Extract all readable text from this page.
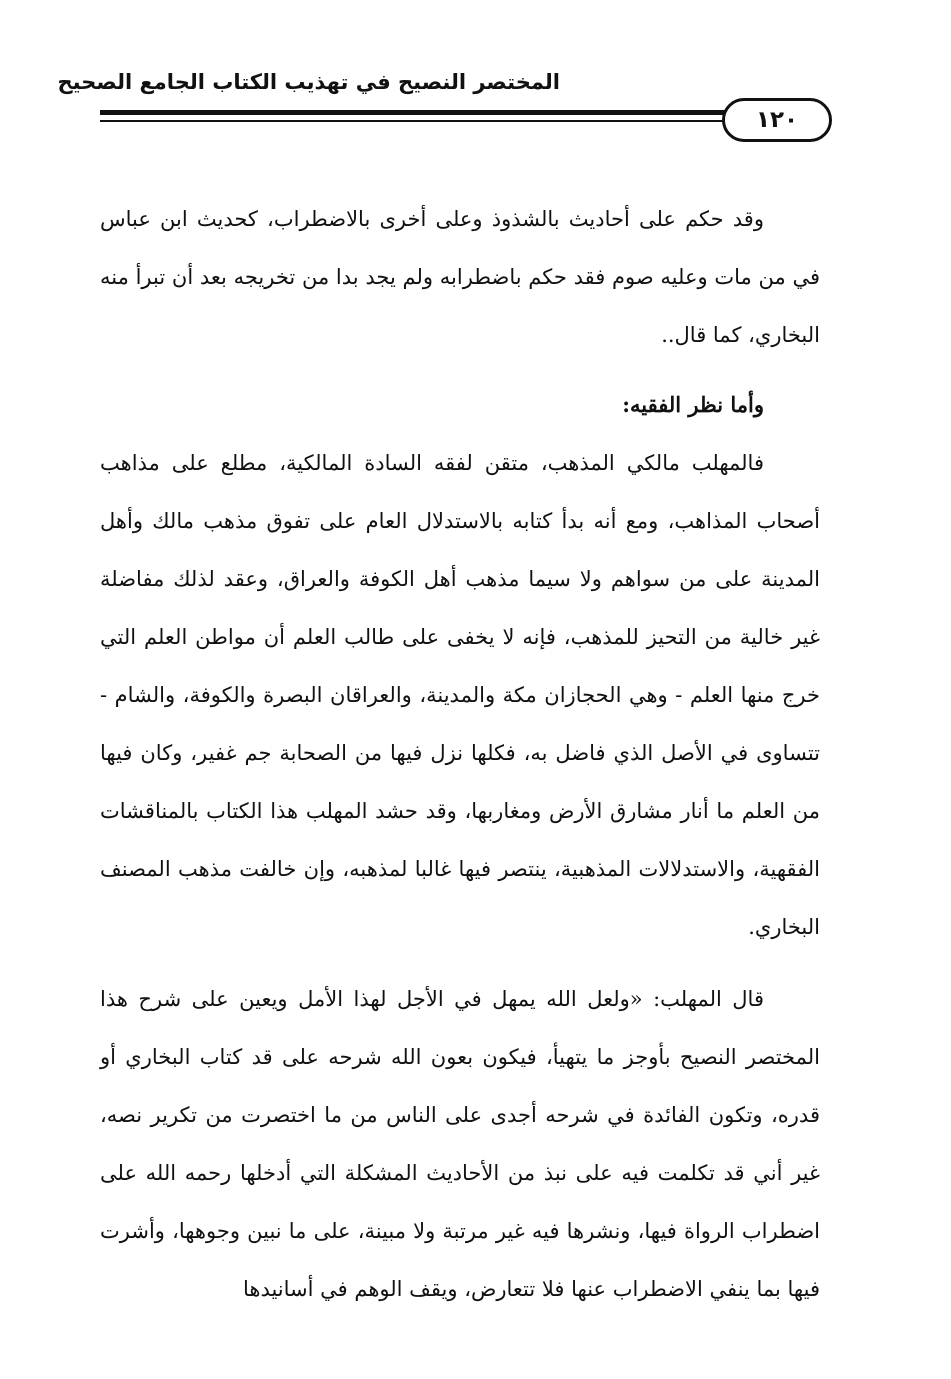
المختصر النصيح في تهذيب الكتاب الجامع الصحيح
١٢٠

وقد حكم على أحاديث بالشذوذ وعلى أخرى بالاضطراب، كحديث ابن عباس في من مات وعليه صوم فقد حكم باضطرابه ولم يجد بدا من تخريجه بعد أن تبرأ منه البخاري، كما قال..

وأما نظر الفقيه:

فالمهلب مالكي المذهب، متقن لفقه السادة المالكية، مطلع على مذاهب أصحاب المذاهب، ومع أنه بدأ كتابه بالاستدلال العام على تفوق مذهب مالك وأهل المدينة على من سواهم ولا سيما مذهب أهل الكوفة والعراق، وعقد لذلك مفاضلة غير خالية من التحيز للمذهب، فإنه لا يخفى على طالب العلم أن مواطن العلم التي خرج منها العلم - وهي الحجازان مكة والمدينة، والعراقان البصرة والكوفة، والشام - تتساوى في الأصل الذي فاضل به، فكلها نزل فيها من الصحابة جم غفير، وكان فيها من العلم ما أنار مشارق الأرض ومغاربها، وقد حشد المهلب هذا الكتاب بالمناقشات الفقهية، والاستدلالات المذهبية، ينتصر فيها غالبا لمذهبه، وإن خالفت مذهب المصنف البخاري.

قال المهلب: «ولعل الله يمهل في الأجل لهذا الأمل ويعين على شرح هذا المختصر النصيح بأوجز ما يتهيأ، فيكون بعون الله شرحه على قد كتاب البخاري أو قدره، وتكون الفائدة في شرحه أجدى على الناس من ما اختصرت من تكرير نصه، غير أني قد تكلمت فيه على نبذ من الأحاديث المشكلة التي أدخلها رحمه الله على اضطراب الرواة فيها، ونشرها فيه غير مرتبة ولا مبينة، على ما نبين وجوهها، وأشرت فيها بما ينفي الاضطراب عنها فلا تتعارض، ويقف الوهم في أسانيدها
